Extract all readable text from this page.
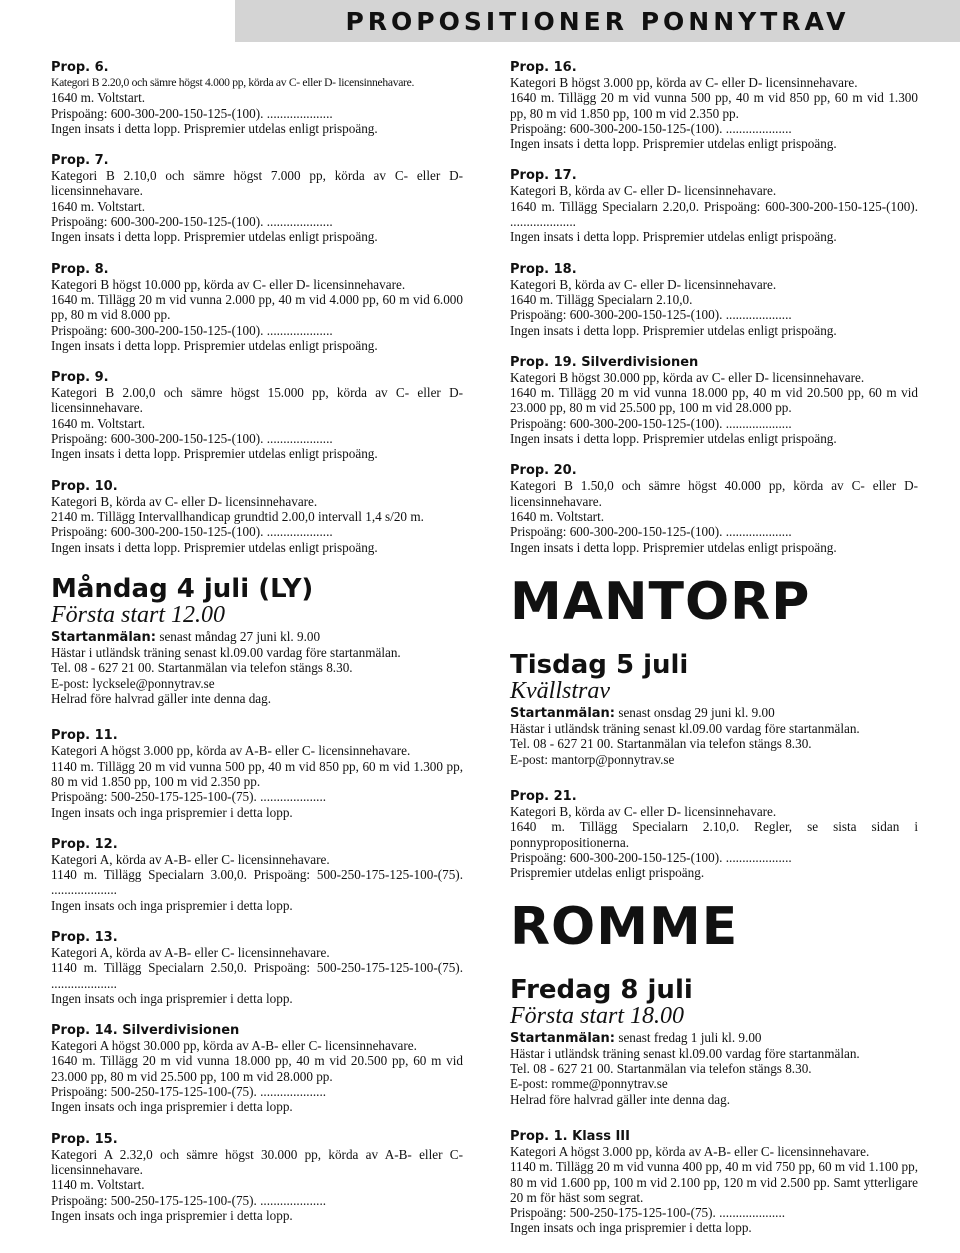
PROPOSITIONER PONNYTRAV
Prop. 6.
Kategori B 2.20,0 och sämre högst 4.000 pp, körda av C- eller D- licensinnehavare.
1640 m. Voltstart.
Prispoäng: 600-300-200-150-125-(100). ....................
Ingen insats i detta lopp. Prispremier utdelas enligt prispoäng.
Prop. 7.
Kategori B 2.10,0 och sämre högst 7.000 pp, körda av C- eller D- licensinnehavare.
1640 m. Voltstart.
Prispoäng: 600-300-200-150-125-(100). ....................
Ingen insats i detta lopp. Prispremier utdelas enligt prispoäng.
Prop. 8.
Kategori B högst 10.000 pp, körda av C- eller D- licensinnehavare.
1640 m. Tillägg 20 m vid vunna 2.000 pp, 40 m vid 4.000 pp, 60 m vid 6.000 pp, 80 m vid 8.000 pp.
Prispoäng: 600-300-200-150-125-(100). ....................
Ingen insats i detta lopp. Prispremier utdelas enligt prispoäng.
Prop. 9.
Kategori B 2.00,0 och sämre högst 15.000 pp, körda av C- eller D- licensinnehavare.
1640 m. Voltstart.
Prispoäng: 600-300-200-150-125-(100). ....................
Ingen insats i detta lopp. Prispremier utdelas enligt prispoäng.
Prop. 10.
Kategori B, körda av C- eller D- licensinnehavare.
2140 m. Tillägg Intervallhandicap grundtid 2.00,0 intervall 1,4 s/20 m.
Prispoäng: 600-300-200-150-125-(100). ....................
Ingen insats i detta lopp. Prispremier utdelas enligt prispoäng.
Måndag 4 juli (LY)
Första start 12.00
Startanmälan: senast måndag 27 juni kl. 9.00
Hästar i utländsk träning senast kl.09.00 vardag före startanmälan.
Tel. 08 - 627 21 00. Startanmälan via telefon stängs 8.30.
E-post: lycksele@ponnytrav.se
Helrad före halvrad gäller inte denna dag.
Prop. 11.
Kategori A högst 3.000 pp, körda av A-B- eller C- licensinnehavare.
1140 m. Tillägg 20 m vid vunna 500 pp, 40 m vid 850 pp, 60 m vid 1.300 pp, 80 m vid 1.850 pp, 100 m vid 2.350 pp.
Prispoäng: 500-250-175-125-100-(75). ....................
Ingen insats och inga prispremier i detta lopp.
Prop. 12.
Kategori A, körda av A-B- eller C- licensinnehavare.
1140 m. Tillägg Specialarn 3.00,0. Prispoäng: 500-250-175-125-100-(75). ....................
Ingen insats och inga prispremier i detta lopp.
Prop. 13.
Kategori A, körda av A-B- eller C- licensinnehavare.
1140 m. Tillägg Specialarn 2.50,0. Prispoäng: 500-250-175-125-100-(75). ....................
Ingen insats och inga prispremier i detta lopp.
Prop. 14. Silverdivisionen
Kategori A högst 30.000 pp, körda av A-B- eller C- licensinnehavare.
1640 m. Tillägg 20 m vid vunna 18.000 pp, 40 m vid 20.500 pp, 60 m vid 23.000 pp, 80 m vid 25.500 pp, 100 m vid 28.000 pp.
Prispoäng: 500-250-175-125-100-(75). ....................
Ingen insats och inga prispremier i detta lopp.
Prop. 15.
Kategori A 2.32,0 och sämre högst 30.000 pp, körda av A-B- eller C- licensinnehavare.
1140 m. Voltstart.
Prispoäng: 500-250-175-125-100-(75). ....................
Ingen insats och inga prispremier i detta lopp.
Prop. 16.
Kategori B högst 3.000 pp, körda av C- eller D- licensinnehavare.
1640 m. Tillägg 20 m vid vunna 500 pp, 40 m vid 850 pp, 60 m vid 1.300 pp, 80 m vid 1.850 pp, 100 m vid 2.350 pp.
Prispoäng: 600-300-200-150-125-(100). ....................
Ingen insats i detta lopp. Prispremier utdelas enligt prispoäng.
Prop. 17.
Kategori B, körda av C- eller D- licensinnehavare.
1640 m. Tillägg Specialarn 2.20,0. Prispoäng: 600-300-200-150-125-(100). ....................
Ingen insats i detta lopp. Prispremier utdelas enligt prispoäng.
Prop. 18.
Kategori B, körda av C- eller D- licensinnehavare.
1640 m. Tillägg Specialarn 2.10,0.
Prispoäng: 600-300-200-150-125-(100). ....................
Ingen insats i detta lopp. Prispremier utdelas enligt prispoäng.
Prop. 19. Silverdivisionen
Kategori B högst 30.000 pp, körda av C- eller D- licensinnehavare.
1640 m. Tillägg 20 m vid vunna 18.000 pp, 40 m vid 20.500 pp, 60 m vid 23.000 pp, 80 m vid 25.500 pp, 100 m vid 28.000 pp.
Prispoäng: 600-300-200-150-125-(100). ....................
Ingen insats i detta lopp. Prispremier utdelas enligt prispoäng.
Prop. 20.
Kategori B 1.50,0 och sämre högst 40.000 pp, körda av C- eller D- licensinnehavare.
1640 m. Voltstart.
Prispoäng: 600-300-200-150-125-(100). ....................
Ingen insats i detta lopp. Prispremier utdelas enligt prispoäng.
MANTORP
Tisdag 5 juli
Kvällstrav
Startanmälan: senast onsdag 29 juni kl. 9.00
Hästar i utländsk träning senast kl.09.00 vardag före startanmälan.
Tel. 08 - 627 21 00. Startanmälan via telefon stängs 8.30.
E-post: mantorp@ponnytrav.se
Prop. 21.
Kategori B, körda av C- eller D- licensinnehavare.
1640 m. Tillägg Specialarn 2.10,0. Regler, se sista sidan i ponnypropositionerna.
Prispoäng: 600-300-200-150-125-(100). ....................
Prispremier utdelas enligt prispoäng.
ROMME
Fredag 8 juli
Första start 18.00
Startanmälan: senast fredag 1 juli kl. 9.00
Hästar i utländsk träning senast kl.09.00 vardag före startanmälan.
Tel. 08 - 627 21 00. Startanmälan via telefon stängs 8.30.
E-post: romme@ponnytrav.se
Helrad före halvrad gäller inte denna dag.
Prop. 1. Klass III
Kategori A högst 3.000 pp, körda av A-B- eller C- licensinnehavare.
1140 m. Tillägg 20 m vid vunna 400 pp, 40 m vid 750 pp, 60 m vid 1.100 pp, 80 m vid 1.600 pp, 100 m vid 2.100 pp, 120 m vid 2.500 pp. Samt ytterligare 20 m för häst som segrat.
Prispoäng: 500-250-175-125-100-(75). ....................
Ingen insats och inga prispremier i detta lopp.
